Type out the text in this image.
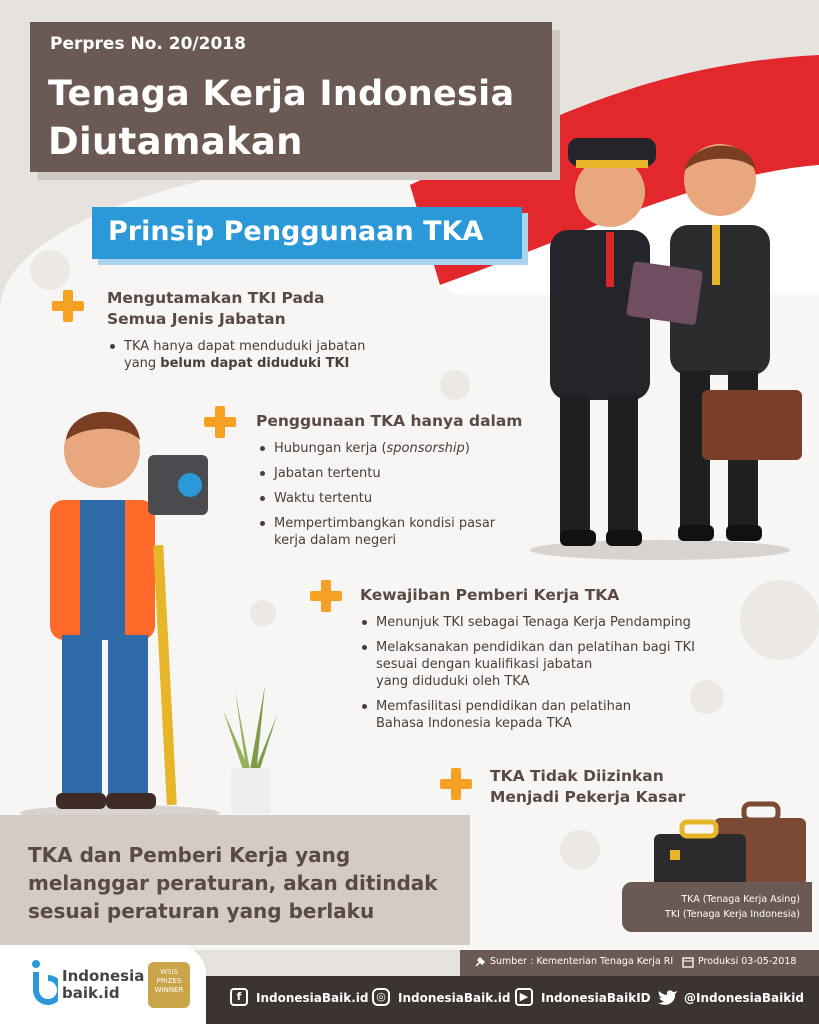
Perpres No. 20/2018
Tenaga Kerja Indonesia
Diutamakan
Prinsip Penggunaan TKA
Mengutamakan TKI Pada
Semua Jenis Jabatan
TKA hanya dapat menduduki jabatan
yang belum dapat diduduki TKI
Penggunaan TKA hanya dalam
Hubungan kerja (sponsorship)
Jabatan tertentu
Waktu tertentu
Mempertimbangkan kondisi pasar
kerja dalam negeri
Kewajiban Pemberi Kerja TKA
Menunjuk TKI sebagai Tenaga Kerja Pendamping
Melaksanakan pendidikan dan pelatihan bagi TKI
sesuai dengan kualifikasi jabatan
yang diduduki oleh TKA
Memfasilitasi pendidikan dan pelatihan
Bahasa Indonesia kepada TKA
TKA Tidak Diizinkan
Menjadi Pekerja Kasar
TKA dan Pemberi Kerja yang
melanggar peraturan, akan ditindak
sesuai peraturan yang berlaku	TKA (Tenaga Kerja Asing)
TKI (Tenaga Kerja Indonesia)
Sumber : Kementerian Tenaga Kerja RI	Produksi 03-05-2018
f	IndonesiaBaik.id ◎	IndonesiaBaik.id ▶	IndonesiaBaikID	@IndonesiaBaikid
Indonesia
baik.id
WSIS
PRIZES
WINNER
